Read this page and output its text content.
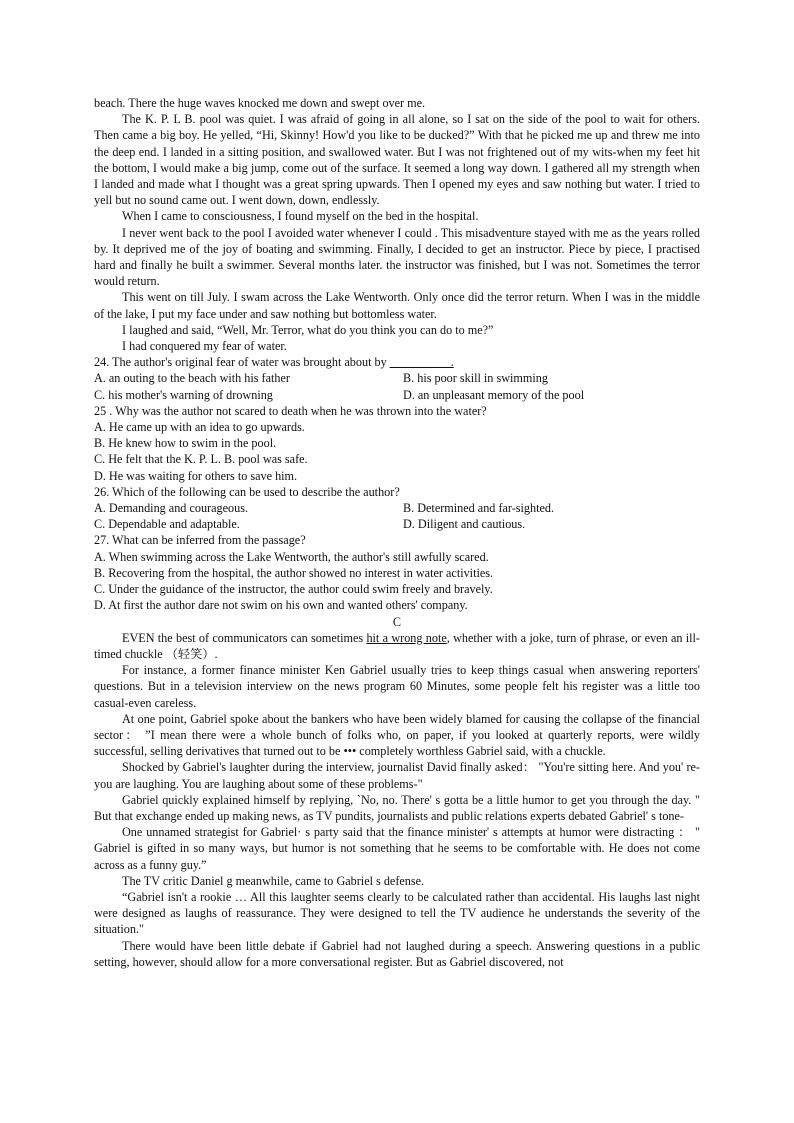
beach. There the huge waves knocked me down and swept over me.

The K. P. L B. pool was quiet. I was afraid of going in all alone, so I sat on the side of the pool to wait for others. Then came a big boy. He yelled, “Hi, Skinny! How'd you like to be ducked?” With that he picked me up and threw me into the deep end. I landed in a sitting position, and swallowed water. But I was not frightened out of my wits-when my feet hit the bottom, I would make a big jump, come out of the surface. It seemed a long way down. I gathered all my strength when I landed and made what I thought was a great spring upwards. Then I opened my eyes and saw nothing but water. I tried to yell but no sound came out. I went down, down, endlessly.

When I came to consciousness, I found myself on the bed in the hospital.

I never went back to the pool I avoided water whenever I could . This misadventure stayed with me as the years rolled by. It deprived me of the joy of boating and swimming. Finally, I decided to get an instructor. Piece by piece, I practised hard and finally he built a swimmer. Several months later. the instructor was finished, but I was not. Sometimes the terror would return.

This went on till July. I swam across the Lake Wentworth. Only once did the terror return. When I was in the middle of the lake, I put my face under and saw nothing but bottomless water.

I laughed and said, “Well, Mr. Terror, what do you think you can do to me?”

I had conquered my fear of water.

24. The author's original fear of water was brought about by __________.

A. an outing to the beach with his father	B. his poor skill in swimming
C. his mother's warning of drowning	D. an unpleasant memory of the pool

25 . Why was the author not scared to death when he was thrown into the water?

A. He came up with an idea to go upwards.

B. He knew how to swim in the pool.

C. He felt that the K. P. L. B. pool was safe.

D. He was waiting for others to save him.

26. Which of the following can be used to describe the author?

A. Demanding and courageous.	B. Determined and far-sighted.
C. Dependable and adaptable.	D. Diligent and cautious.

27. What can be inferred from the passage?

A. When swimming across the Lake Wentworth, the author's still awfully scared.

B. Recovering from the hospital, the author showed no interest in water activities.

C. Under the guidance of the instructor, the author could swim freely and bravely.

D. At first the author dare not swim on his own and wanted others' company.

C

EVEN the best of communicators can sometimes hit a wrong note, whether with a joke, turn of phrase, or even an ill-timed chuckle （轻笑）.

For instance, a former finance minister Ken Gabriel usually tries to keep things casual when answering reporters' questions. But in a television interview on the news program 60 Minutes, some people felt his register was a little too casual-even careless.

At one point, Gabriel spoke about the bankers who have been widely blamed for causing the collapse of the financial sector： ”I mean there were a whole bunch of folks who, on paper, if you looked at quarterly reports, were wildly successful, selling derivatives that turned out to be ••• completely worthless Gabriel said, with a chuckle.

Shocked by Gabriel's laughter during the interview, journalist David finally asked： "You're sitting here. And you' re-you are laughing. You are laughing about some of these problems-"

Gabriel quickly explained himself by replying, `No, no. There' s gotta be a little humor to get you through the day. " But that exchange ended up making news, as TV pundits, journalists and public relations experts debated Gabriel' s tone-

One unnamed strategist for Gabriel· s party said that the finance minister' s attempts at humor were distracting ： " Gabriel is gifted in so many ways, but humor is not something that he seems to be comfortable with. He does not come across as a funny guy.”

The TV critic Daniel g meanwhile, came to Gabriel s defense.

“Gabriel isn't a rookie … All this laughter seems clearly to be calculated rather than accidental. His laughs last night were designed as laughs of reassurance. They were designed to tell the TV audience he understands the severity of the situation."

There would have been little debate if Gabriel had not laughed during a speech. Answering questions in a public setting, however, should allow for a more conversational register. But as Gabriel discovered, not
